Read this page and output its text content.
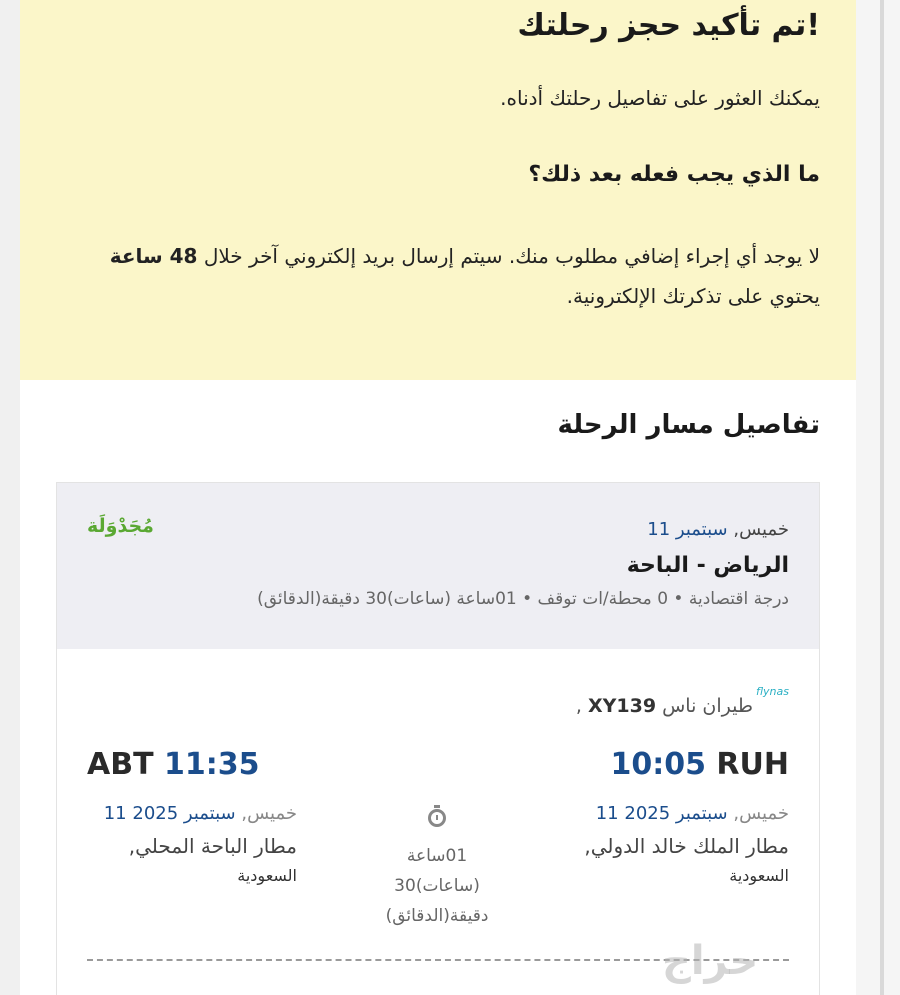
!تم تأكيد حجز رحلتك
يمكنك العثور على تفاصيل رحلتك أدناه.
ما الذي يجب فعله بعد ذلك؟
لا يوجد أي إجراء إضافي مطلوب منك. سيتم إرسال بريد إلكتروني آخر خلال 48 ساعة يحتوي على تذكرتك الإلكترونية.
تفاصيل مسار الرحلة
خميس, سبتمبر 11
الرياض - الباحة
درجة اقتصادية • 0 محطة/ات توقف • 01ساعة (ساعات)30 دقيقة(الدقائق)
مُجَدْوَلَة
flynas
طيران ناس XY139 ,
10:05 RUH
ABT 11:35
خميس, سبتمبر 2025 11
مطار الملك خالد الدولي,
السعودية
01ساعة
(ساعات)30
دقيقة(الدقائق)
خميس, سبتمبر 2025 11
مطار الباحة المحلي,
السعودية
حراج
